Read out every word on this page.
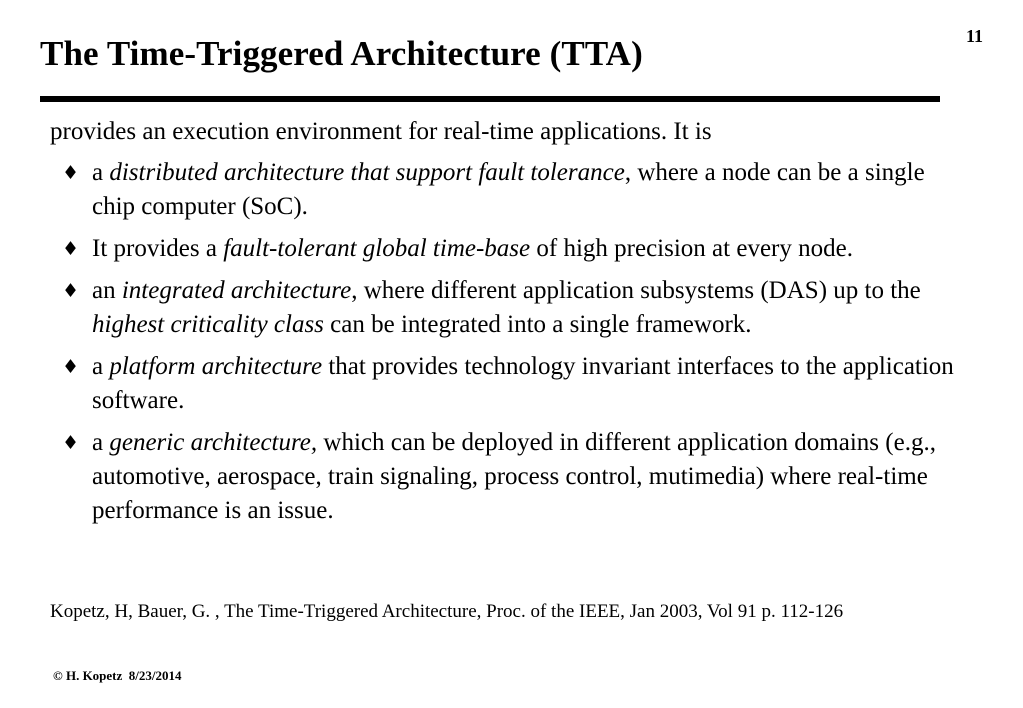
11
The Time-Triggered Architecture (TTA)
provides an execution environment for real-time applications. It is
♦ a distributed architecture that support fault tolerance, where a node can be a single chip computer (SoC).
♦ It provides a fault-tolerant global time-base of high precision at every node.
♦ an integrated architecture, where different application subsystems (DAS) up to the highest criticality class can be integrated into a single framework.
♦ a platform architecture that provides technology invariant interfaces to the application software.
♦ a generic architecture, which can be deployed in different application domains (e.g., automotive, aerospace, train signaling, process control, mutimedia) where real-time performance is an issue.
Kopetz, H, Bauer, G. , The Time-Triggered Architecture, Proc. of the IEEE, Jan 2003, Vol 91 p. 112-126
© H. Kopetz  8/23/2014
